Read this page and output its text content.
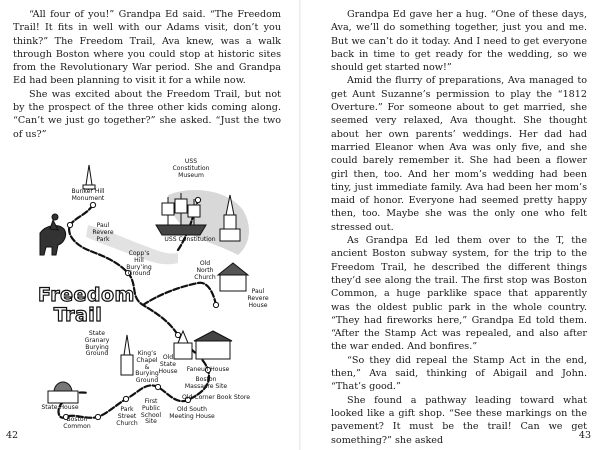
“All four of you!” Grandpa Ed said. “The Freedom Trail! It fits in well with our Adams visit, don’t you think?” The Freedom Trail, Ava knew, was a walk through Boston where you could stop at historic sites from the Revolutionary War period. She and Grandpa Ed had been planning to visit it for a while now.

She was excited about the Freedom Trail, but not by the prospect of the three other kids coming along. “Can’t we just go together?” she asked. “Just the two of us?”

Freedom
Trail
Bunker Hill
Monument
USS
Constitution
Museum
Paul
Revere
Park	USS Constitution
Copp’s
Hill
Bury’ing
Ground
Old
North
Church
Paul
Revere
House
State
Granary
Burying
Ground	King’s
Chapel
&
Burying
Ground
Old
State
House	Faneuil House
Boston
Massacre Site
State House
Old Corner Book Store
Old South
Meeting House
Park
Street
Church
First
Public
School
Site
Boston
Common
42

Grandpa Ed gave her a hug. “One of these days, Ava, we’ll do something together, just you and me. But we can’t do it today. And I need to get everyone back in time to get ready for the wedding, so we should get started now!”

Amid the flurry of preparations, Ava managed to get Aunt Suzanne’s permission to play the “1812 Overture.” For someone about to get married, she seemed very relaxed, Ava thought. She thought about her own parents’ weddings. Her dad had married Eleanor when Ava was only five, and she could barely remember it. She had been a flower girl then, too. And her mom’s wedding had been tiny, just immediate family. Ava had been her mom’s maid of honor. Everyone had seemed pretty happy then, too. Maybe she was the only one who felt stressed out.

As Grandpa Ed led them over to the T, the ancient Boston subway system, for the trip to the Freedom Trail, he described the different things they’d see along the trail. The first stop was Boston Common, a huge parklike space that apparently was the oldest public park in the whole country. “They had fireworks here,” Grandpa Ed told them. “After the Stamp Act was repealed, and also after the war ended. And bonfires.”

“So they did repeal the Stamp Act in the end, then,” Ava said, thinking of Abigail and John. “That’s good.”

She found a pathway leading toward what looked like a gift shop. “See these markings on the pavement? It must be the trail! Can we get something?” she asked	43
